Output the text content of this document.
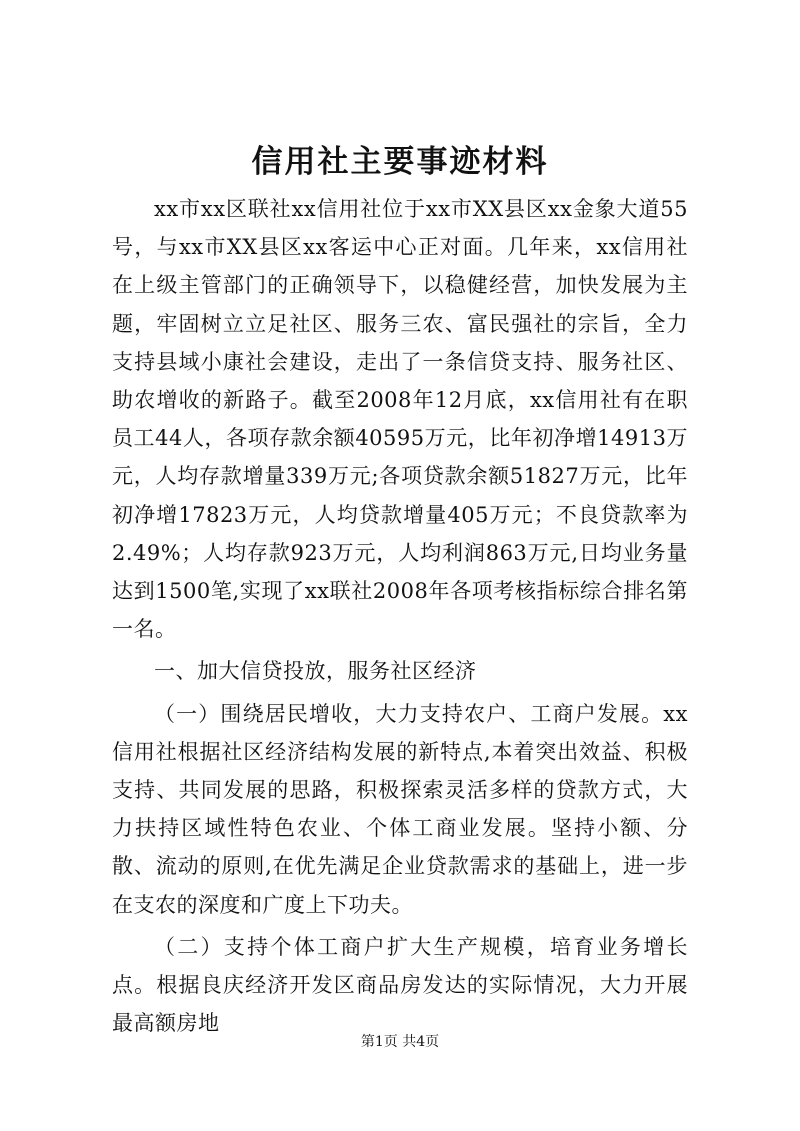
信用社主要事迹材料

xx市xx区联社xx信用社位于xx市XX县区xx金象大道55号，与xx市XX县区xx客运中心正对面。几年来，xx信用社在上级主管部门的正确领导下，以稳健经营，加快发展为主题，牢固树立立足社区、服务三农、富民强社的宗旨，全力支持县域小康社会建设，走出了一条信贷支持、服务社区、助农增收的新路子。截至2008年12月底，xx信用社有在职员工44人，各项存款余额40595万元，比年初净增14913万元，人均存款增量339万元;各项贷款余额51827万元，比年初净增17823万元，人均贷款增量405万元；不良贷款率为2.49%；人均存款923万元，人均利润863万元,日均业务量达到1500笔,实现了xx联社2008年各项考核指标综合排名第一名。

一、加大信贷投放，服务社区经济

（一）围绕居民增收，大力支持农户、工商户发展。xx信用社根据社区经济结构发展的新特点,本着突出效益、积极支持、共同发展的思路，积极探索灵活多样的贷款方式，大力扶持区域性特色农业、个体工商业发展。坚持小额、分散、流动的原则,在优先满足企业贷款需求的基础上，进一步在支农的深度和广度上下功夫。

（二）支持个体工商户扩大生产规模，培育业务增长点。根据良庆经济开发区商品房发达的实际情况，大力开展最高额房地

第1页 共4页
